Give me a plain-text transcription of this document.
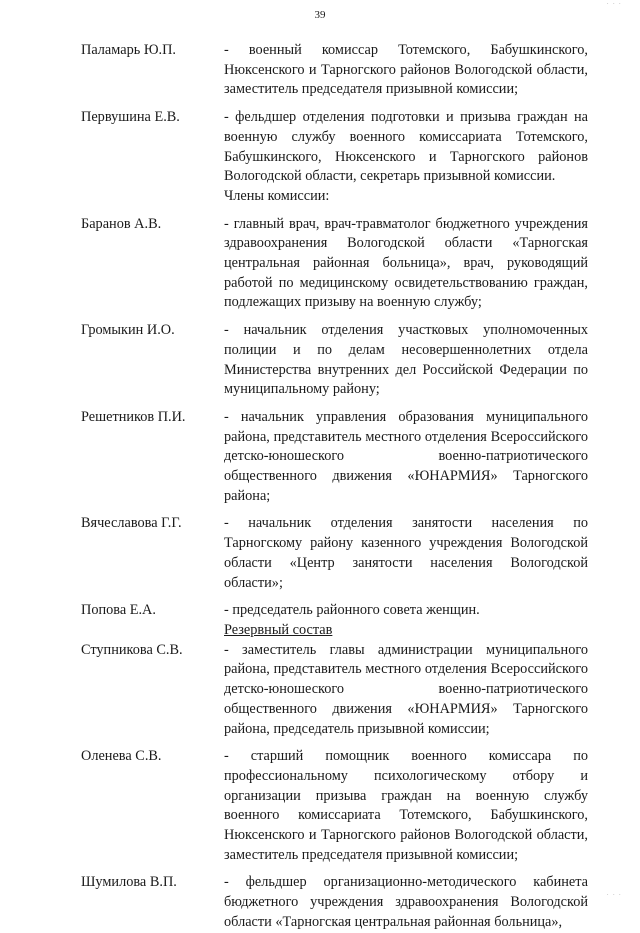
· · ·
39
Паламарь Ю.П.	- военный комиссар Тотемского, Бабушкинского, Нюксенского и Тарногского районов Вологодской области, заместитель председателя призывной комиссии;
Первушина Е.В.	- фельдшер отделения подготовки и призыва граждан на военную службу военного комиссариата Тотемского, Бабушкинского, Нюксенского и Тарногского районов Вологодской области, секретарь призывной комиссии.
Члены комиссии:
Баранов А.В.	- главный врач, врач-травматолог бюджетного учреждения здравоохранения Вологодской области «Тарногская центральная районная больница», врач, руководящий работой по медицинскому освидетельствованию граждан, подлежащих призыву на военную службу;
Громыкин И.О.	- начальник отделения участковых уполномоченных полиции и по делам несовершеннолетних отдела Министерства внутренних дел Российской Федерации по муниципальному району;
Решетников П.И.	- начальник управления образования муниципального района, представитель местного отделения Всероссийского детско-юношеского военно-патриотического общественного движения «ЮНАРМИЯ» Тарногского района;
Вячеславова Г.Г.	- начальник отделения занятости населения по Тарногскому району казенного учреждения Вологодской области «Центр занятости населения Вологодской области»;
Попова Е.А.	- председатель районного совета женщин.
Резервный состав
Ступникова С.В.	- заместитель главы администрации муниципального района, представитель местного отделения Всероссийского детско-юношеского военно-патриотического общественного движения «ЮНАРМИЯ» Тарногского района, председатель призывной комиссии;
Оленева С.В.	- старший помощник военного комиссара по профессиональному психологическому отбору и организации призыва граждан на военную службу военного комиссариата Тотемского, Бабушкинского, Нюксенского и Тарногского районов Вологодской области, заместитель председателя призывной комиссии;
Шумилова В.П.	- фельдшер организационно-методического кабинета бюджетного учреждения здравоохранения Вологодской области «Тарногская центральная районная больница»,
· · ·
